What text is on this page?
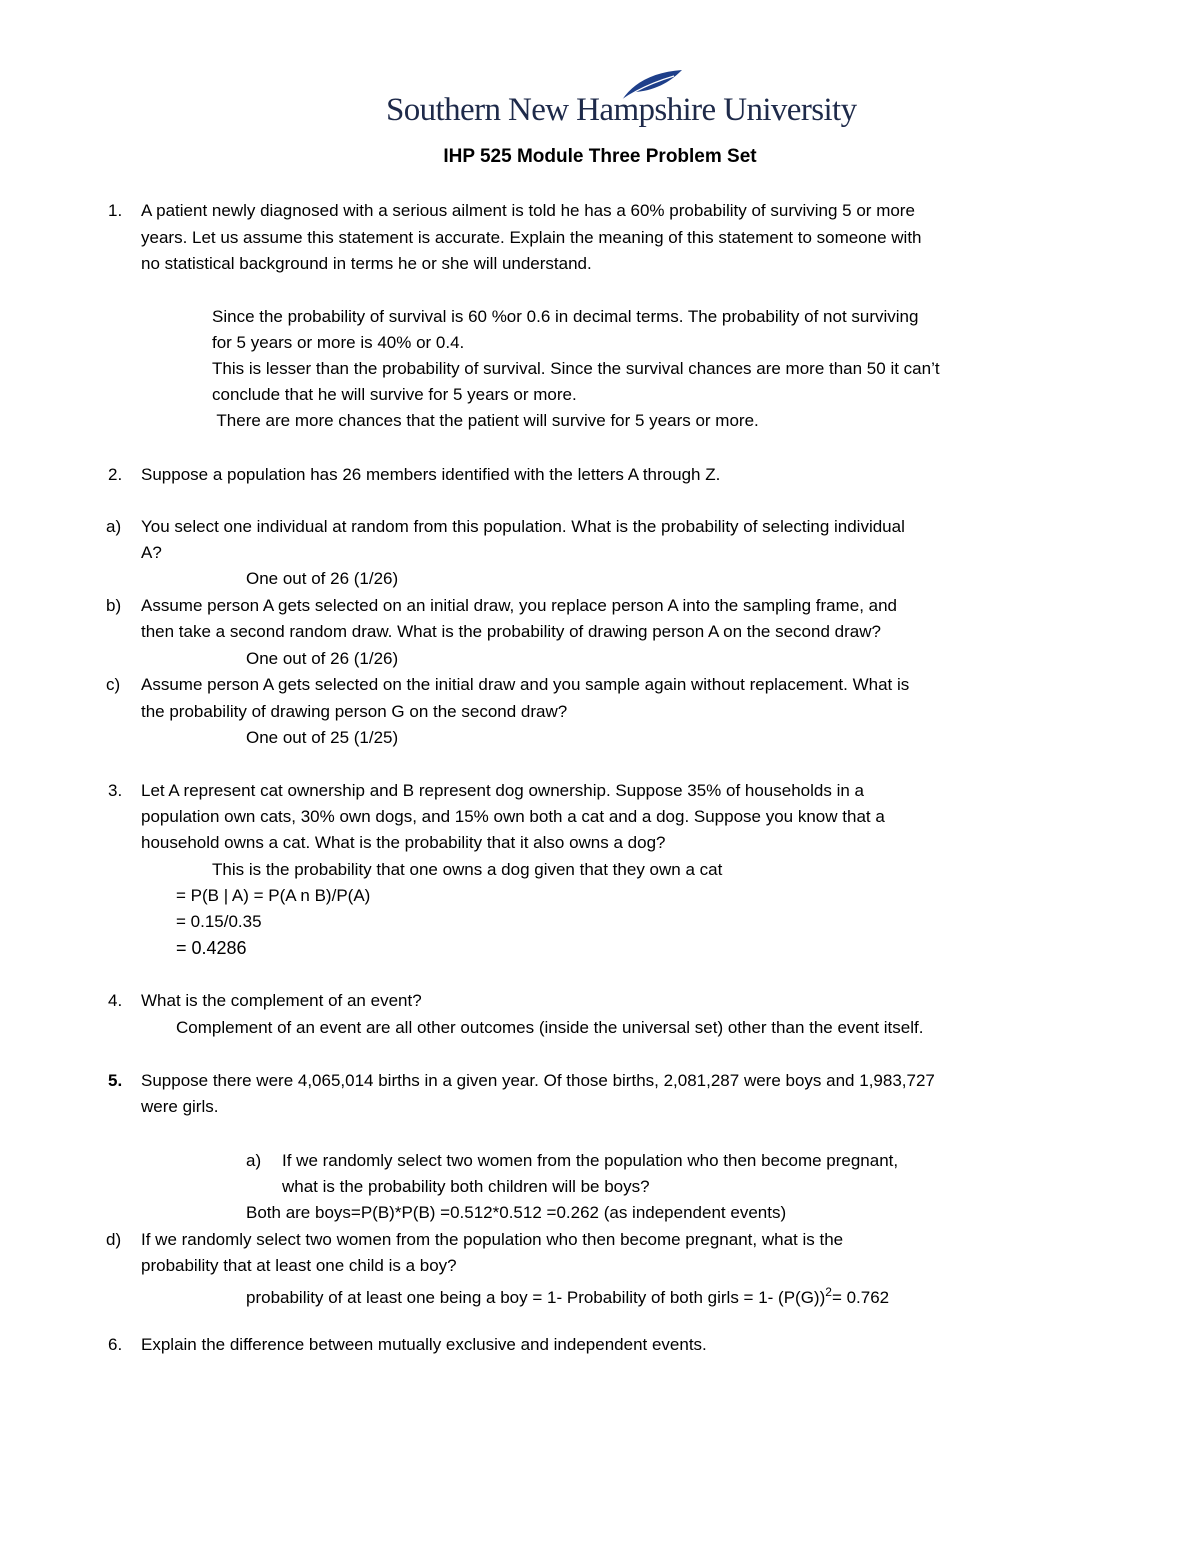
Southern New Hampshire University
IHP 525 Module Three Problem Set
1. A patient newly diagnosed with a serious ailment is told he has a 60% probability of surviving 5 or more
years. Let us assume this statement is accurate. Explain the meaning of this statement to someone with
no statistical background in terms he or she will understand.
Since the probability of survival is 60 %or 0.6 in decimal terms. The probability of not surviving
for 5 years or more is 40% or 0.4.
This is lesser than the probability of survival. Since the survival chances are more than 50 it can’t
conclude that he will survive for 5 years or more.
There are more chances that the patient will survive for 5 years or more.
2. Suppose a population has 26 members identified with the letters A through Z.
a) You select one individual at random from this population. What is the probability of selecting individual
A?
One out of 26 (1/26)
b) Assume person A gets selected on an initial draw, you replace person A into the sampling frame, and
then take a second random draw. What is the probability of drawing person A on the second draw?
One out of 26 (1/26)
c) Assume person A gets selected on the initial draw and you sample again without replacement. What is
the probability of drawing person G on the second draw?
One out of 25 (1/25)
3. Let A represent cat ownership and B represent dog ownership. Suppose 35% of households in a
population own cats, 30% own dogs, and 15% own both a cat and a dog. Suppose you know that a
household owns a cat. What is the probability that it also owns a dog?
This is the probability that one owns a dog given that they own a cat
= P(B | A) = P(A n B)/P(A)
= 0.15/0.35
= 0.4286
4. What is the complement of an event?
Complement of an event are all other outcomes (inside the universal set) other than the event itself.
5. Suppose there were 4,065,014 births in a given year. Of those births, 2,081,287 were boys and 1,983,727
were girls.
a) If we randomly select two women from the population who then become pregnant,
what is the probability both children will be boys?
Both are boys=P(B)*P(B) =0.512*0.512 =0.262 (as independent events)
d) If we randomly select two women from the population who then become pregnant, what is the
probability that at least one child is a boy?
probability of at least one being a boy = 1- Probability of both girls = 1- $(P(G))^2= 0.762$
6. Explain the difference between mutually exclusive and independent events.
